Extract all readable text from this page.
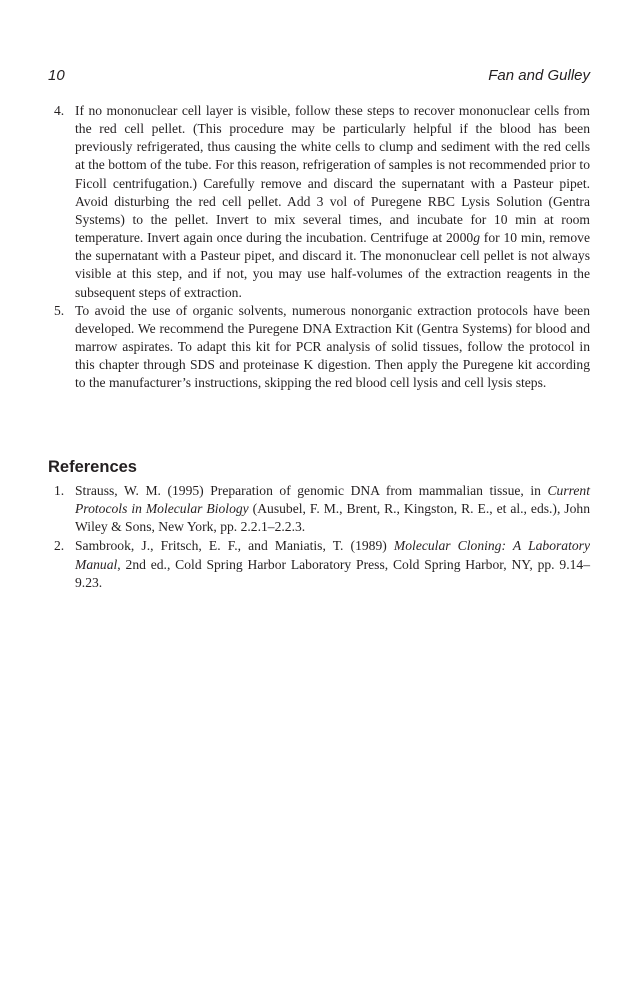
10	Fan and Gulley
4. If no mononuclear cell layer is visible, follow these steps to recover mononuclear cells from the red cell pellet. (This procedure may be particularly helpful if the blood has been previously refrigerated, thus causing the white cells to clump and sediment with the red cells at the bottom of the tube. For this reason, refrigeration of samples is not recommended prior to Ficoll centrifugation.) Carefully remove and discard the supernatant with a Pasteur pipet. Avoid disturbing the red cell pellet. Add 3 vol of Puregene RBC Lysis Solution (Gentra Systems) to the pellet. Invert to mix several times, and incubate for 10 min at room temperature. Invert again once during the incubation. Centrifuge at 2000g for 10 min, remove the supernatant with a Pasteur pipet, and discard it. The mononuclear cell pellet is not always visible at this step, and if not, you may use half-volumes of the extraction reagents in the subsequent steps of extraction.
5. To avoid the use of organic solvents, numerous nonorganic extraction protocols have been developed. We recommend the Puregene DNA Extraction Kit (Gentra Systems) for blood and marrow aspirates. To adapt this kit for PCR analysis of solid tissues, follow the protocol in this chapter through SDS and proteinase K digestion. Then apply the Puregene kit according to the manufacturer’s instructions, skipping the red blood cell lysis and cell lysis steps.
References
1. Strauss, W. M. (1995) Preparation of genomic DNA from mammalian tissue, in Current Protocols in Molecular Biology (Ausubel, F. M., Brent, R., Kingston, R. E., et al., eds.), John Wiley & Sons, New York, pp. 2.2.1–2.2.3.
2. Sambrook, J., Fritsch, E. F., and Maniatis, T. (1989) Molecular Cloning: A Laboratory Manual, 2nd ed., Cold Spring Harbor Laboratory Press, Cold Spring Harbor, NY, pp. 9.14–9.23.
